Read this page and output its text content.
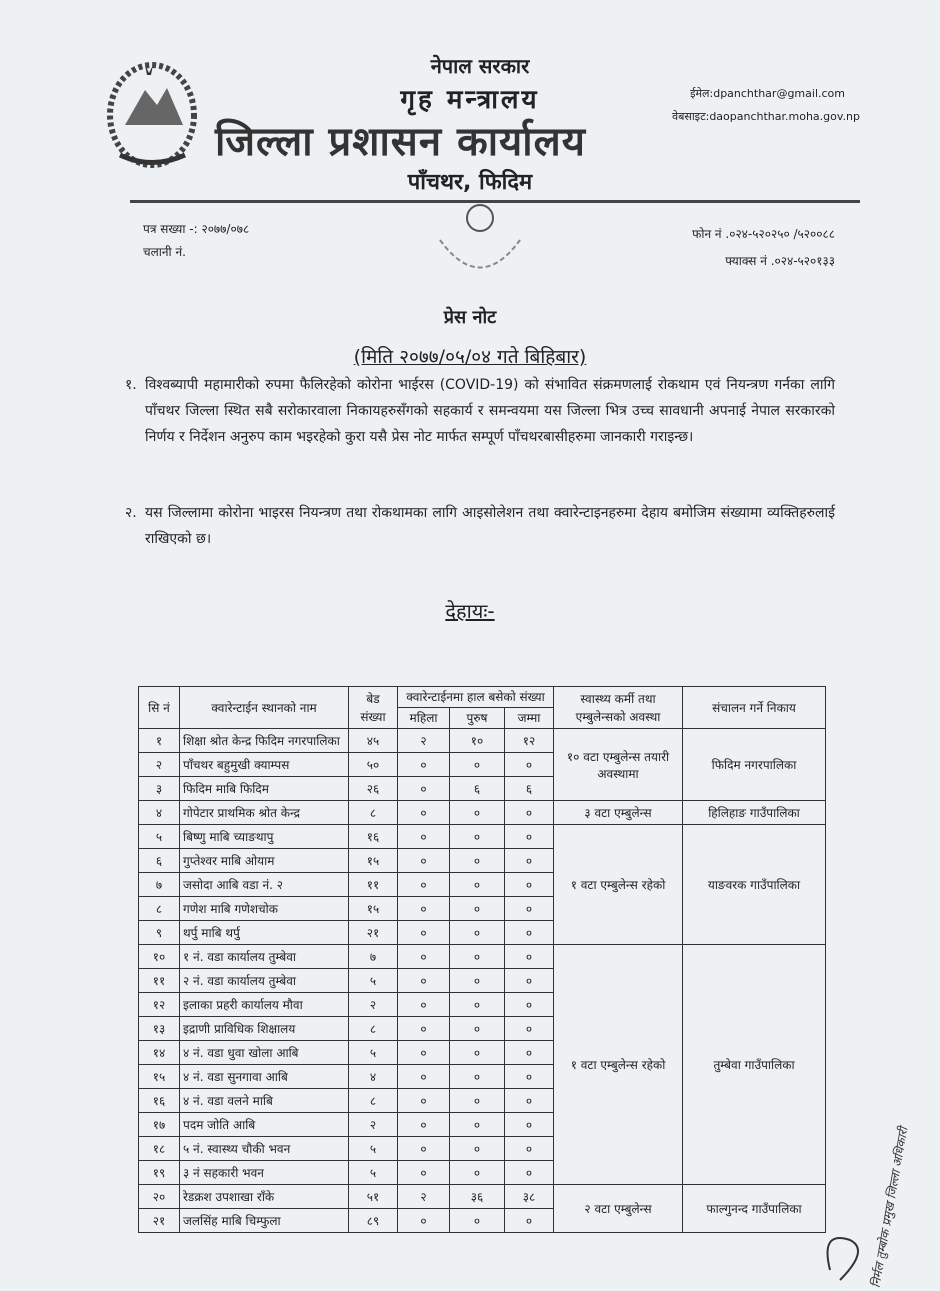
नेपाल सरकार
गृह मन्त्रालय
जिल्ला प्रशासन कार्यालय
पाँचथर, फिदिम
ईमेल:dpanchthar@gmail.com
वेबसाइट:daopanchthar.moha.gov.np
पत्र सख्या -: २०७७/०७८
चलानी नं.
फोन नं .०२४-५२०२५० /५२००८८
फ्याक्स नं .०२४-५२०१३३
प्रेस नोट
(मिति २०७७/०५/०४ गते बिहिबार)
१. विश्वब्यापी महामारीको रुपमा फैलिरहेको कोरोना भाईरस (COVID-19) को संभावित संक्रमणलाई रोकथाम एवं नियन्त्रण गर्नका लागि पाँचथर जिल्ला स्थित सबै सरोकारवाला निकायहरुसँगको सहकार्य र समन्वयमा यस जिल्ला भित्र उच्च सावधानी अपनाई नेपाल सरकारको निर्णय र निर्देशन अनुरुप काम भइरहेको कुरा यसै प्रेस नोट मार्फत सम्पूर्ण पाँचथरबासीहरुमा जानकारी गराइन्छ।
२. यस जिल्लामा कोरोना भाइरस नियन्त्रण तथा रोकथामका लागि आइसोलेशन तथा क्वारेन्टाइनहरुमा देहाय बमोजिम संख्यामा व्यक्तिहरुलाई राखिएको छ।
देहायः-
सि नं	क्वारेन्टाईन स्थानको नाम	बेड संख्या	क्वारेन्टाईनमा हाल बसेको संख्या			स्वास्थ्य कर्मी तथा एम्बुलेन्सको अवस्था	संचालन गर्ने निकाय
			महिला	पुरुष	जम्मा		
१	शिक्षा श्रोत केन्द्र फिदिम नगरपालिका	४५	२	१०	१२	१० वटा एम्बुलेन्स तयारी अवस्थामा	फिदिम नगरपालिका
२	पाँचथर बहुमुखी क्याम्पस	५०	०	०	०		
३	फिदिम माबि फिदिम	२६	०	६	६		
४	गोपेटार प्राथमिक श्रोत केन्द्र	८	०	०	०	३ वटा एम्बुलेन्स	हिलिहाङ गाउँपालिका
५	बिष्णु माबि च्याङथापु	१६	०	०	०	१ वटा एम्बुलेन्स रहेको	याङवरक गाउँपालिका
६	गुप्तेश्वर माबि ओयाम	१५	०	०	०		
७	जसोदा आबि वडा नं. २	११	०	०	०		
८	गणेश माबि गणेशचोक	१५	०	०	०		
९	थर्पु माबि थर्पु	२१	०	०	०		
१०	१ नं. वडा कार्यालय तुम्बेवा	७	०	०	०	१ वटा एम्बुलेन्स रहेको	तुम्बेवा गाउँपालिका
११	२ नं. वडा कार्यालय तुम्बेवा	५	०	०	०		
१२	इलाका प्रहरी कार्यालय मौवा	२	०	०	०		
१३	इद्राणी प्राविधिक शिक्षालय	८	०	०	०		
१४	४ नं. वडा धुवा खोला आबि	५	०	०	०		
१५	४ नं. वडा सुनगावा आबि	४	०	०	०		
१६	४ नं. वडा वलने माबि	८	०	०	०		
१७	पदम जोति आबि	२	०	०	०		
१८	५ नं. स्वास्थ्य चौकी भवन	५	०	०	०		
१९	३ नं सहकारी भवन	५	०	०	०		
२०	रेडक्रश उपशाखा राँके	५१	२	३६	३८	२ वटा एम्बुलेन्स	फाल्गुनन्द गाउँपालिका
२१	जलसिंह माबि चिम्फुला	८९	०	०	०			निर्मल तुम्बोक प्रमुख जिल्ला अधिकारी
